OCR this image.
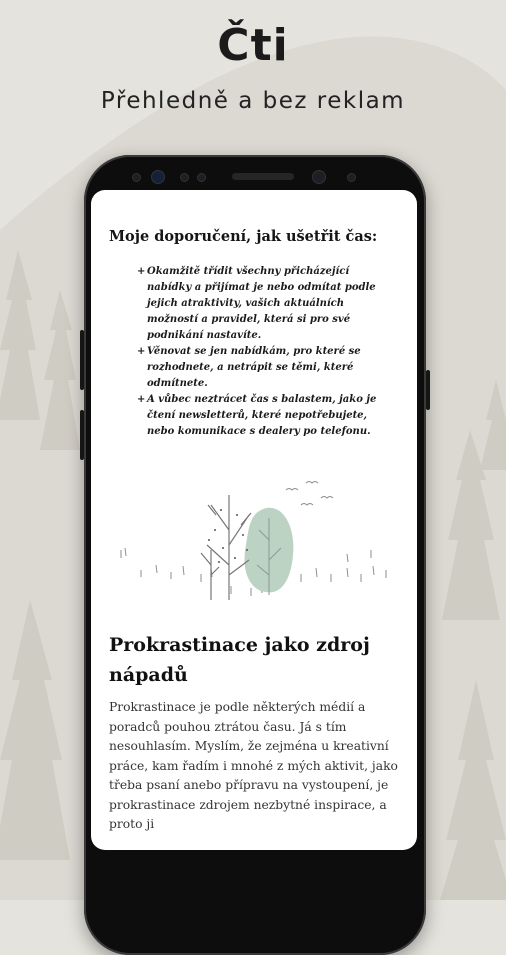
Čti

Přehledně a bez reklam

Moje doporučení, jak ušetřit čas:
+ Okamžitě třídit všechny přicházející nabídky a přijímat je nebo odmítat podle jejich atraktivity, vašich aktuálních možností a pravidel, která si pro své podnikání nastavíte.
+ Věnovat se jen nabídkám, pro které se rozhodnete, a netrápit se těmi, které odmítnete.
+ A vůbec neztrácet čas s balastem, jako je čtení newsletterů, které nepotřebujete, nebo komunikace s dealery po telefonu.
Prokrastinace jako zdroj nápadů

Prokrastinace je podle některých médií a poradců pouhou ztrátou času. Já s tím nesouhlasím. Myslím, že zejména u kreativní práce, kam řadím i mnohé z mých aktivit, jako třeba psaní anebo přípravu na vystoupení, je prokrastinace zdrojem nezbytné inspirace, a proto ji
